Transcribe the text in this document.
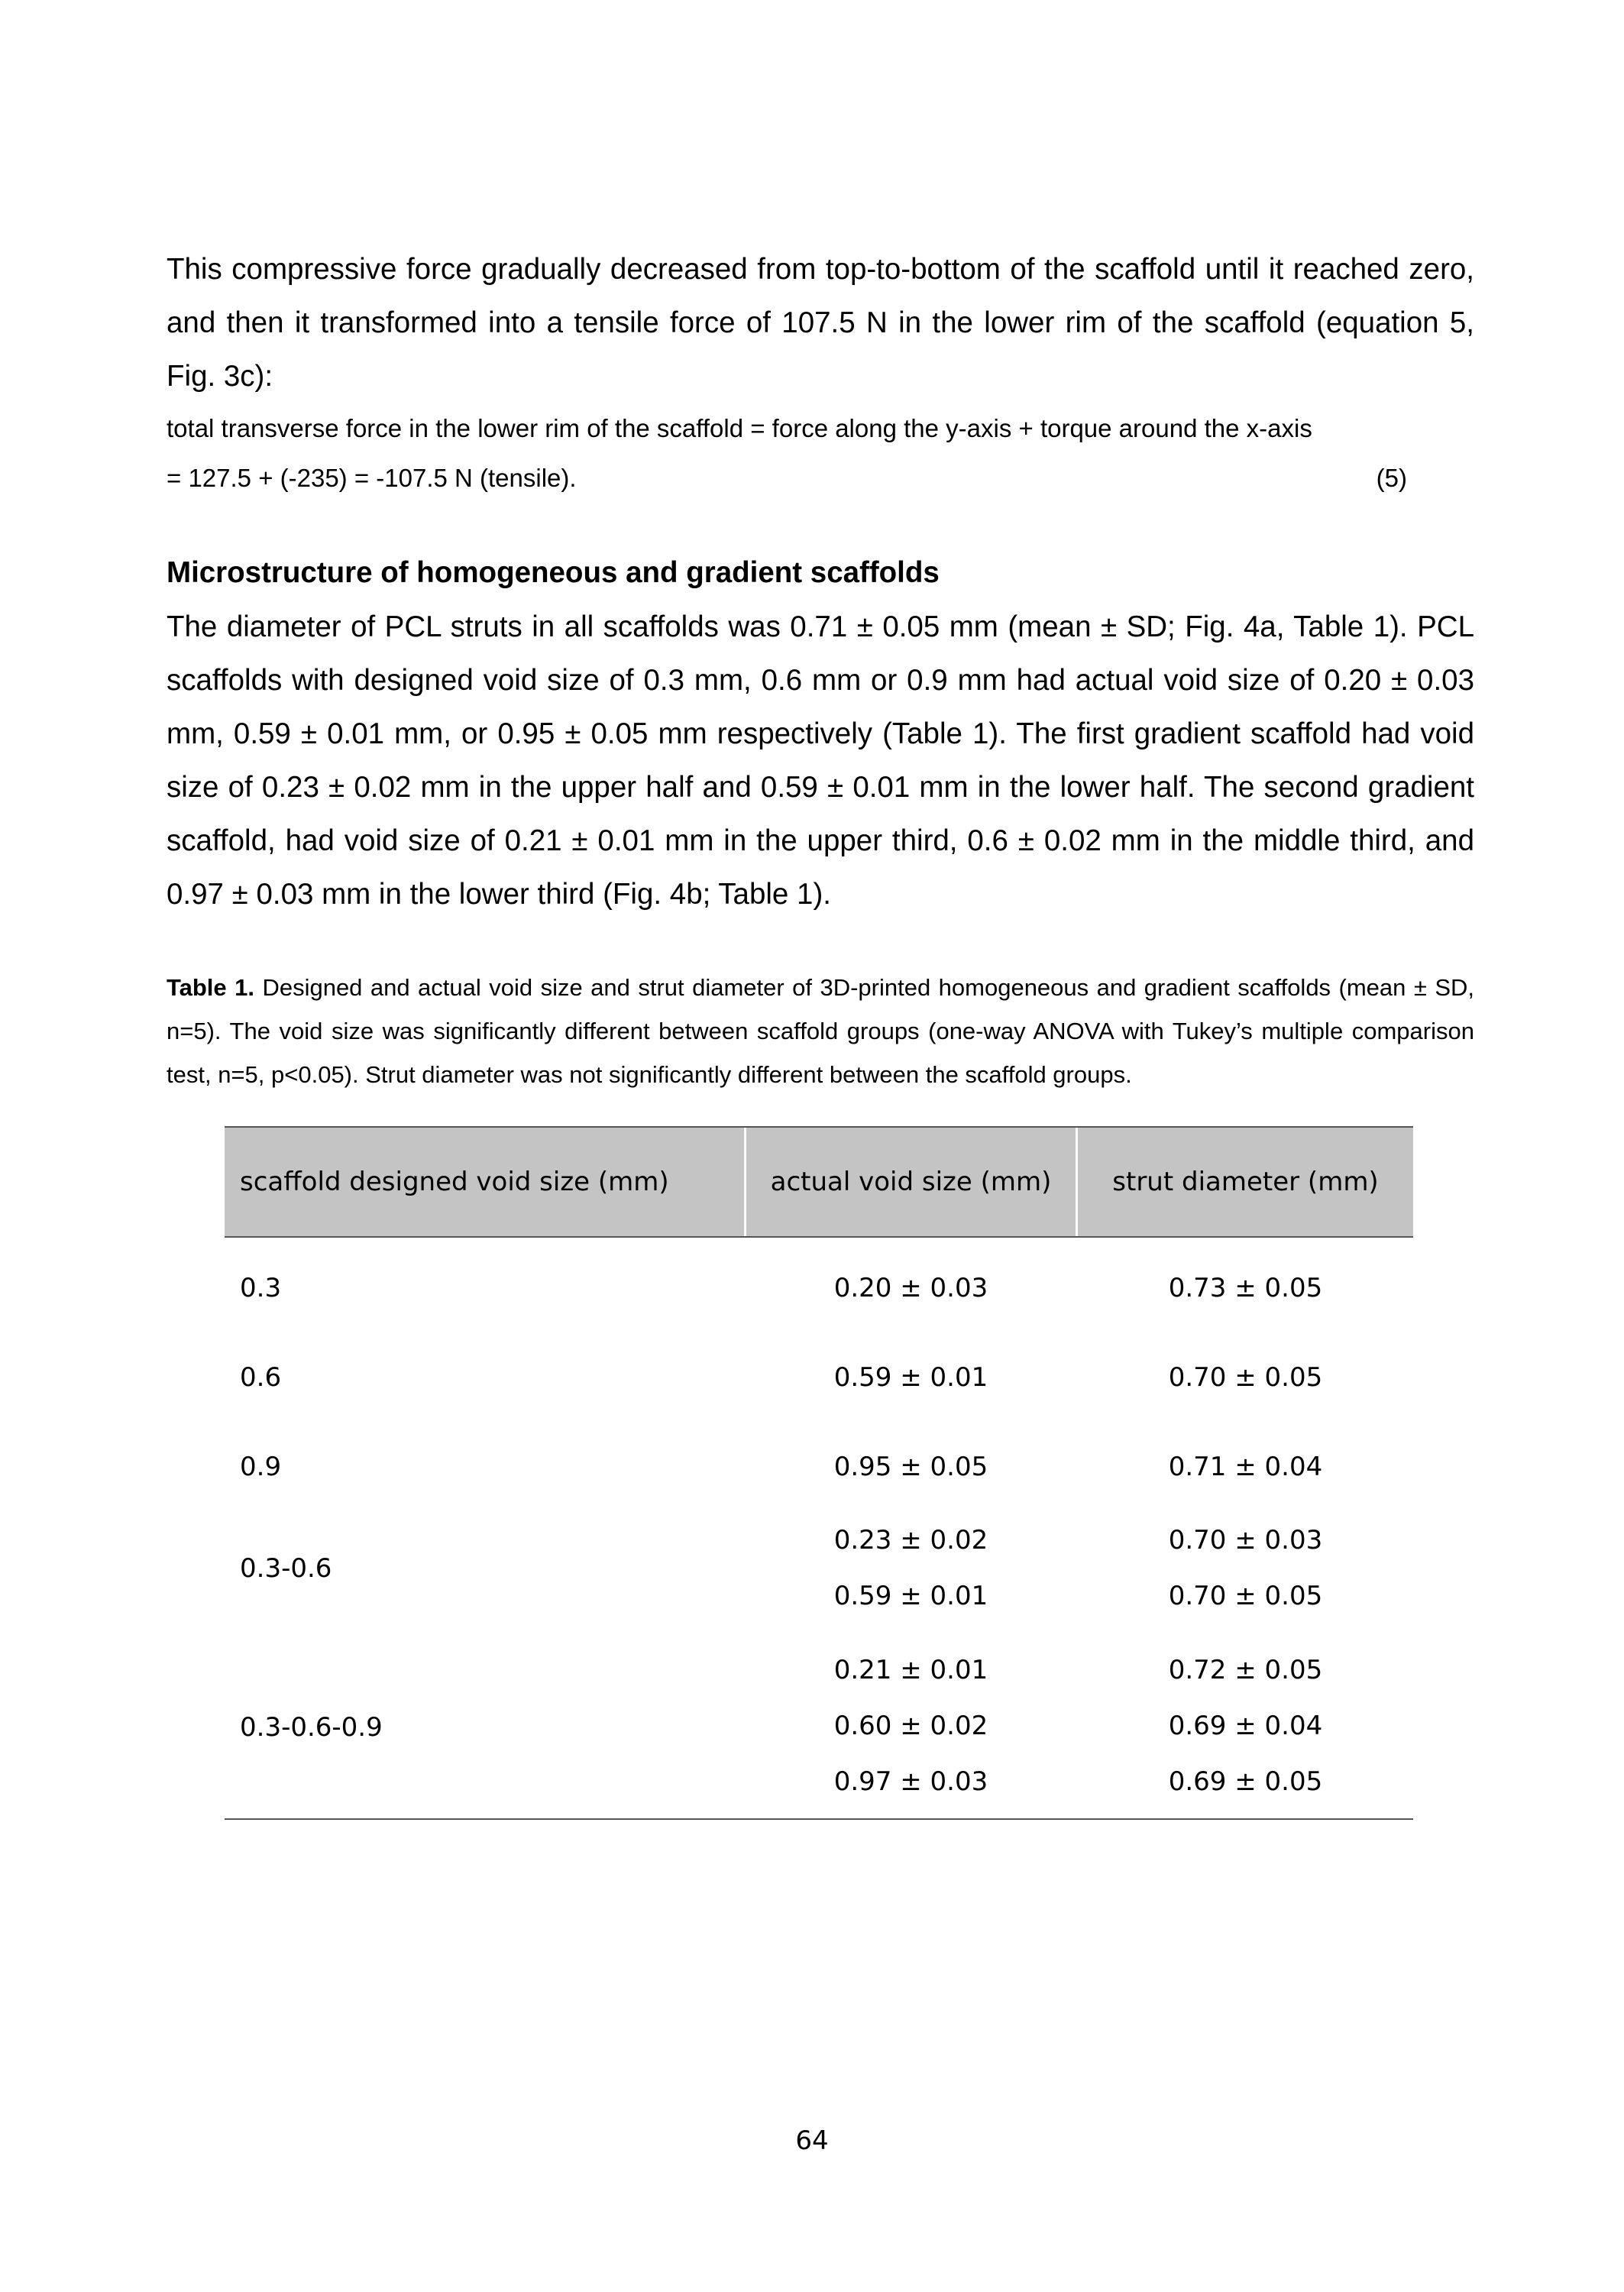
This compressive force gradually decreased from top-to-bottom of the scaffold until it reached zero, and then it transformed into a tensile force of 107.5 N in the lower rim of the scaffold (equation 5, Fig. 3c):

total transverse force in the lower rim of the scaffold = force along the y-axis + torque around the x-axis
= 127.5 + (-235) = -107.5 N (tensile).	(5)
Microstructure of homogeneous and gradient scaffolds

The diameter of PCL struts in all scaffolds was 0.71 ± 0.05 mm (mean ± SD; Fig. 4a, Table 1). PCL scaffolds with designed void size of 0.3 mm, 0.6 mm or 0.9 mm had actual void size of 0.20 ± 0.03 mm, 0.59 ± 0.01 mm, or 0.95 ± 0.05 mm respectively (Table 1). The first gradient scaffold had void size of 0.23 ± 0.02 mm in the upper half and 0.59 ± 0.01 mm in the lower half. The second gradient scaffold, had void size of 0.21 ± 0.01 mm in the upper third, 0.6 ± 0.02 mm in the middle third, and 0.97 ± 0.03 mm in the lower third (Fig. 4b; Table 1).

Table 1. Designed and actual void size and strut diameter of 3D-printed homogeneous and gradient scaffolds (mean ± SD, n=5). The void size was significantly different between scaffold groups (one-way ANOVA with Tukey’s multiple comparison test, n=5, p<0.05). Strut diameter was not significantly different between the scaffold groups.

scaffold designed void size (mm)	actual void size (mm)	strut diameter (mm)
0.3	0.20 ± 0.03	0.73 ± 0.05
0.6	0.59 ± 0.01	0.70 ± 0.05
0.9	0.95 ± 0.05	0.71 ± 0.04
0.3-0.6
0.23 ± 0.02	0.70 ± 0.03
0.59 ± 0.01	0.70 ± 0.05
0.3-0.6-0.9
0.21 ± 0.01	0.72 ± 0.05
0.60 ± 0.02	0.69 ± 0.04
0.97 ± 0.03	0.69 ± 0.05
64
